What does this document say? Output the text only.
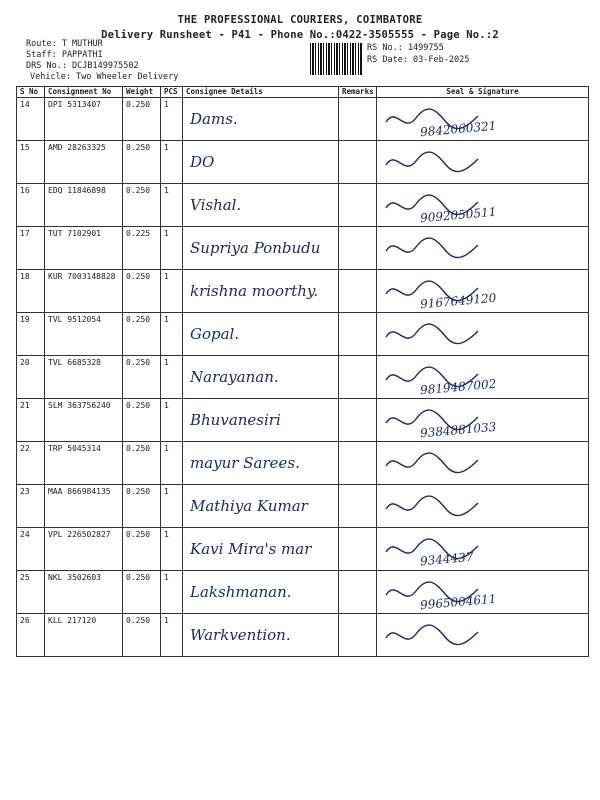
THE PROFESSIONAL COURIERS, COIMBATORE
Delivery Runsheet - P41 - Phone No.:0422-3505555 - Page No.:2
Route: T MUTHUR
Staff: PAPPATHI
DRS No.: DCJB149975502
Vehicle: Two Wheeler Delivery
RS No.: 1499755
RS Date: 03-Feb-2025
S No	Consignment No	Weight	PCS	Consignee Details	Remarks	Seal & Signature
14	DPI 5313407	0.250	1	Dams.		9842060321

15	AMD 28263325	0.250	1	DO

16	EDQ 11846898	0.250	1	Vishal.		9092050511

17	TUT 7102901	0.225	1	Supriya Ponbudu

18	KUR 7003148828	0.250	1	krishna moorthy.		9167649120

19	TVL 9512054	0.250	1	Gopal.

20	TVL 6685328	0.250	1	Narayanan.		9819487002

21	SLM 363756240	0.250	1	Bhuvanesiri		9384881033

22	TRP 5045314	0.250	1	mayur Sarees.

23	MAA 866984135	0.250	1	Mathiya Kumar

24	VPL 226502827	0.250	1	Kavi Mira's mar		9344437

25	NKL 3502603	0.250	1	Lakshmanan.		9965004611

26	KLL 217120	0.250	1	Warkvention.
